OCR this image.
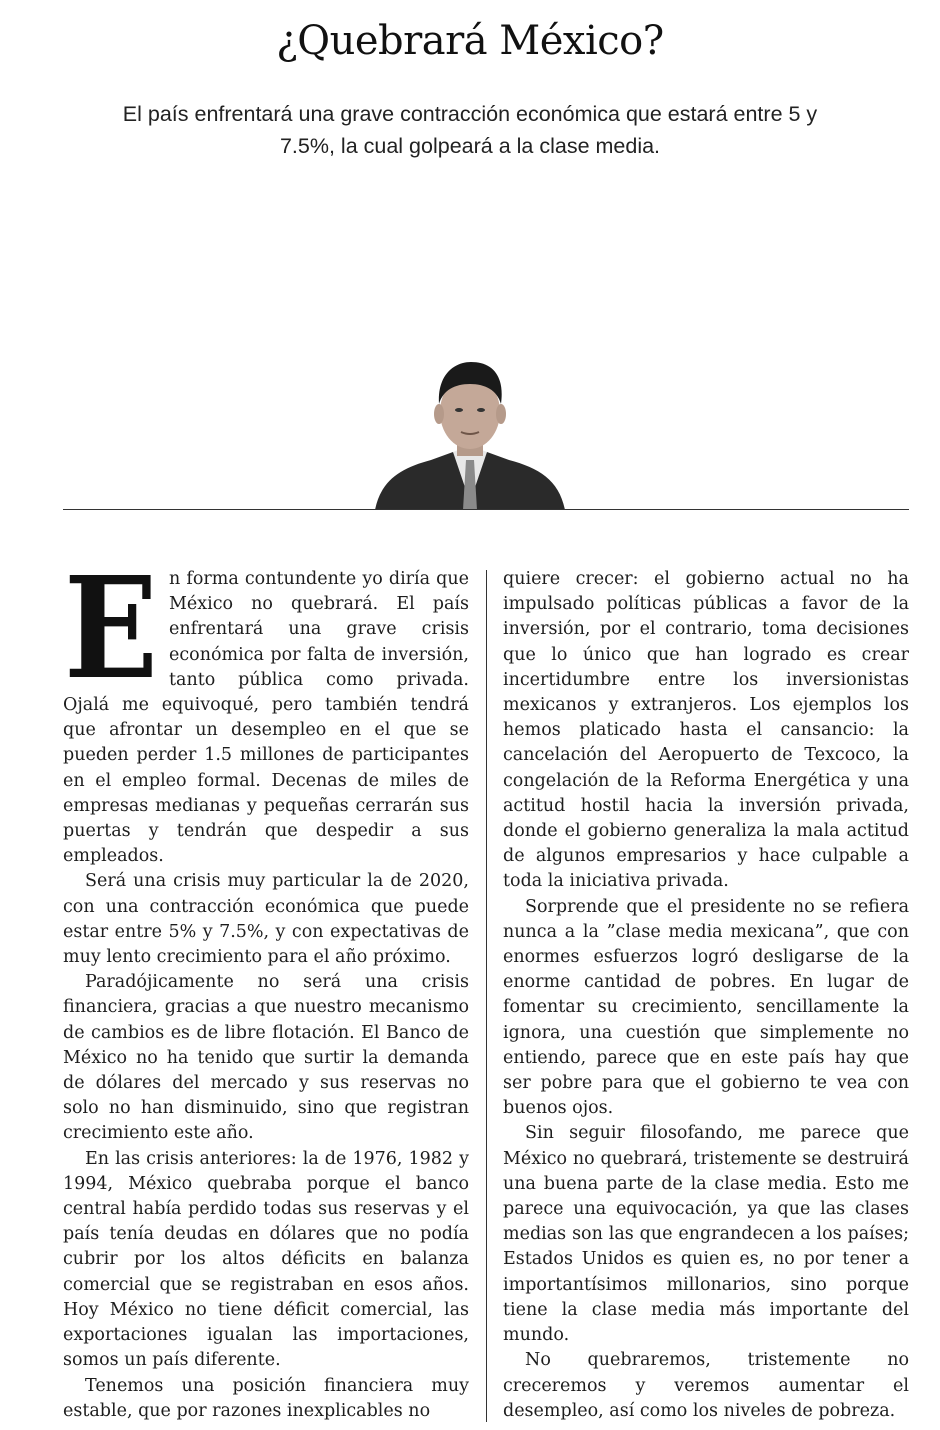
¿Quebrará México?

El país enfrentará una grave contracción económica que estará entre 5 y 7.5%, la cual golpeará a la clase media.

E n forma contundente yo diría que México no quebrará. El país enfrentará una grave crisis económica por falta de inversión, tanto pública como privada. Ojalá me equivoqué, pero también tendrá que afrontar un desempleo en el que se pueden perder 1.5 millones de participantes en el empleo formal. Decenas de miles de empresas medianas y pequeñas cerrarán sus puertas y tendrán que despedir a sus empleados.

Será una crisis muy particular la de 2020, con una contracción económica que puede estar entre 5% y 7.5%, y con expectativas de muy lento crecimiento para el año próximo.

Paradójicamente no será una crisis financiera, gracias a que nuestro mecanismo de cambios es de libre flotación. El Banco de México no ha tenido que surtir la demanda de dólares del mercado y sus reservas no solo no han disminuido, sino que registran crecimiento este año.

En las crisis anteriores: la de 1976, 1982 y 1994, México quebraba porque el banco central había perdido todas sus reservas y el país tenía deudas en dólares que no podía cubrir por los altos déficits en balanza comercial que se registraban en esos años. Hoy México no tiene déficit comercial, las exportaciones igualan las importaciones, somos un país diferente.

Tenemos una posición financiera muy estable, que por razones inexplicables no

quiere crecer: el gobierno actual no ha impulsado políticas públicas a favor de la inversión, por el contrario, toma decisiones que lo único que han logrado es crear incertidumbre entre los inversionistas mexicanos y extranjeros. Los ejemplos los hemos platicado hasta el cansancio: la cancelación del Aeropuerto de Texcoco, la congelación de la Reforma Energética y una actitud hostil hacia la inversión privada, donde el gobierno generaliza la mala actitud de algunos empresarios y hace culpable a toda la iniciativa privada.

Sorprende que el presidente no se refiera nunca a la ”clase media mexicana”, que con enormes esfuerzos logró desligarse de la enorme cantidad de pobres. En lugar de fomentar su crecimiento, sencillamente la ignora, una cuestión que simplemente no entiendo, parece que en este país hay que ser pobre para que el gobierno te vea con buenos ojos.

Sin seguir filosofando, me parece que México no quebrará, tristemente se destruirá una buena parte de la clase media. Esto me parece una equivocación, ya que las clases medias son las que engrandecen a los países; Estados Unidos es quien es, no por tener a importantísimos millonarios, sino porque tiene la clase media más importante del mundo.

No quebraremos, tristemente no creceremos y veremos aumentar el desempleo, así como los niveles de pobreza.
